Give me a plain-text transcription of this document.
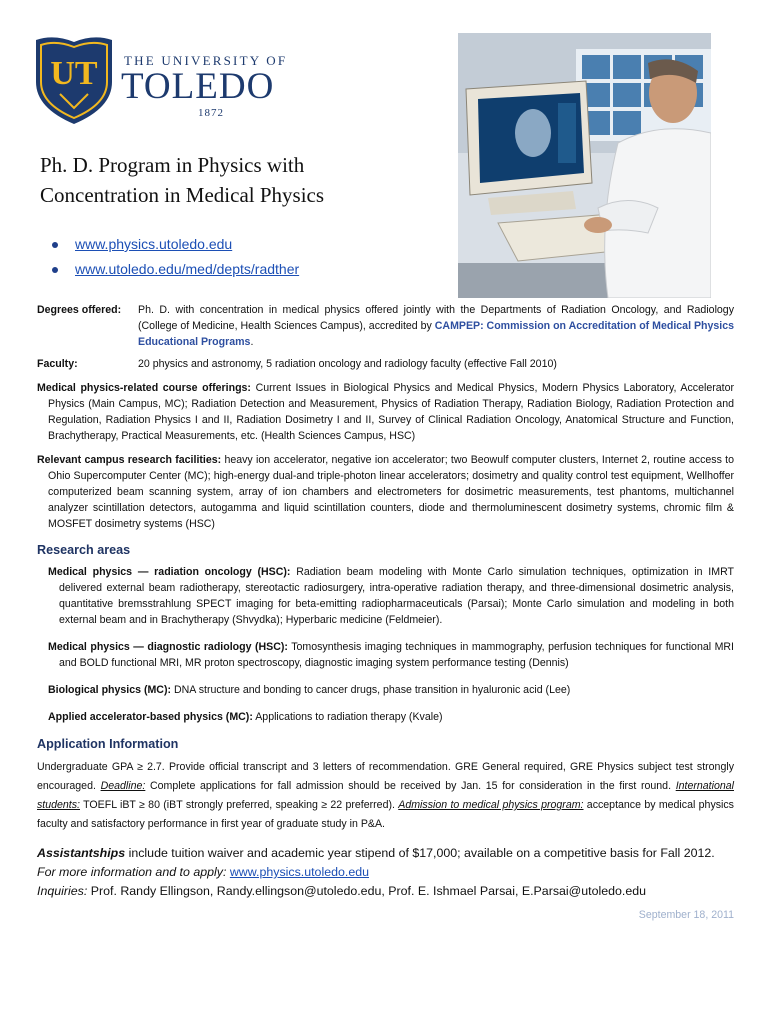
UT THE UNIVERSITY OF
TOLEDO
1872
Ph. D. Program in Physics with
Concentration in Medical Physics
www.physics.utoledo.edu
www.utoledo.edu/med/depts/radther
Degrees offered:	Ph. D. with concentration in medical physics offered jointly with the Departments of Radiation Oncology, and Radiology (College of Medicine, Health Sciences Campus), accredited by CAMPEP: Commission on Accreditation of Medical Physics Educational Programs.
Faculty:	20 physics and astronomy, 5 radiation oncology and radiology faculty (effective Fall 2010)

Medical physics-related course offerings: Current Issues in Biological Physics and Medical Physics, Modern Physics Laboratory, Accelerator Physics (Main Campus, MC); Radiation Detection and Measurement, Physics of Radiation Therapy, Radiation Biology, Radiation Protection and Regulation, Radiation Physics I and II, Radiation Dosimetry I and II, Survey of Clinical Radiation Oncology, Anatomical Structure and Function, Brachytherapy, Practical Measurements, etc. (Health Sciences Campus, HSC)

Relevant campus research facilities: heavy ion accelerator, negative ion accelerator; two Beowulf computer clusters, Internet 2, routine access to Ohio Supercomputer Center (MC); high-energy dual-and triple-photon linear accelerators; dosimetry and quality control test equipment, Wellhoffer computerized beam scanning system, array of ion chambers and electrometers for dosimetric measurements, test phantoms, multichannel analyzer scintillation detectors, autogamma and liquid scintillation counters, diode and thermoluminescent dosimetry systems, chromic film & MOSFET dosimetry systems (HSC)

Research areas

Medical physics — radiation oncology (HSC): Radiation beam modeling with Monte Carlo simulation techniques, optimization in IMRT delivered external beam radiotherapy, stereotactic radiosurgery, intra-operative radiation therapy, and three-dimensional dosimetric analysis, quantitative bremsstrahlung SPECT imaging for beta-emitting radiopharmaceuticals (Parsai); Monte Carlo simulation and modeling in both external beam and in Brachytherapy (Shvydka); Hyperbaric medicine (Feldmeier).

Medical physics — diagnostic radiology (HSC): Tomosynthesis imaging techniques in mammography, perfusion techniques for functional MRI and BOLD functional MRI, MR proton spectroscopy, diagnostic imaging system performance testing (Dennis)

Biological physics (MC): DNA structure and bonding to cancer drugs, phase transition in hyaluronic acid (Lee)

Applied accelerator-based physics (MC): Applications to radiation therapy (Kvale)

Application Information

Undergraduate GPA ≥ 2.7. Provide official transcript and 3 letters of recommendation. GRE General required, GRE Physics subject test strongly encouraged. Deadline: Complete applications for fall admission should be received by Jan. 15 for consideration in the first round. International students: TOEFL iBT ≥ 80 (iBT strongly preferred, speaking ≥ 22 preferred). Admission to medical physics program: acceptance by medical physics faculty and satisfactory performance in first year of graduate study in P&A.

Assistantships include tuition waiver and academic year stipend of $17,000; available on a competitive basis for Fall 2012.
For more information and to apply: www.physics.utoledo.edu
Inquiries: Prof. Randy Ellingson, Randy.ellingson@utoledo.edu, Prof. E. Ishmael Parsai, E.Parsai@utoledo.edu

September 18, 2011
